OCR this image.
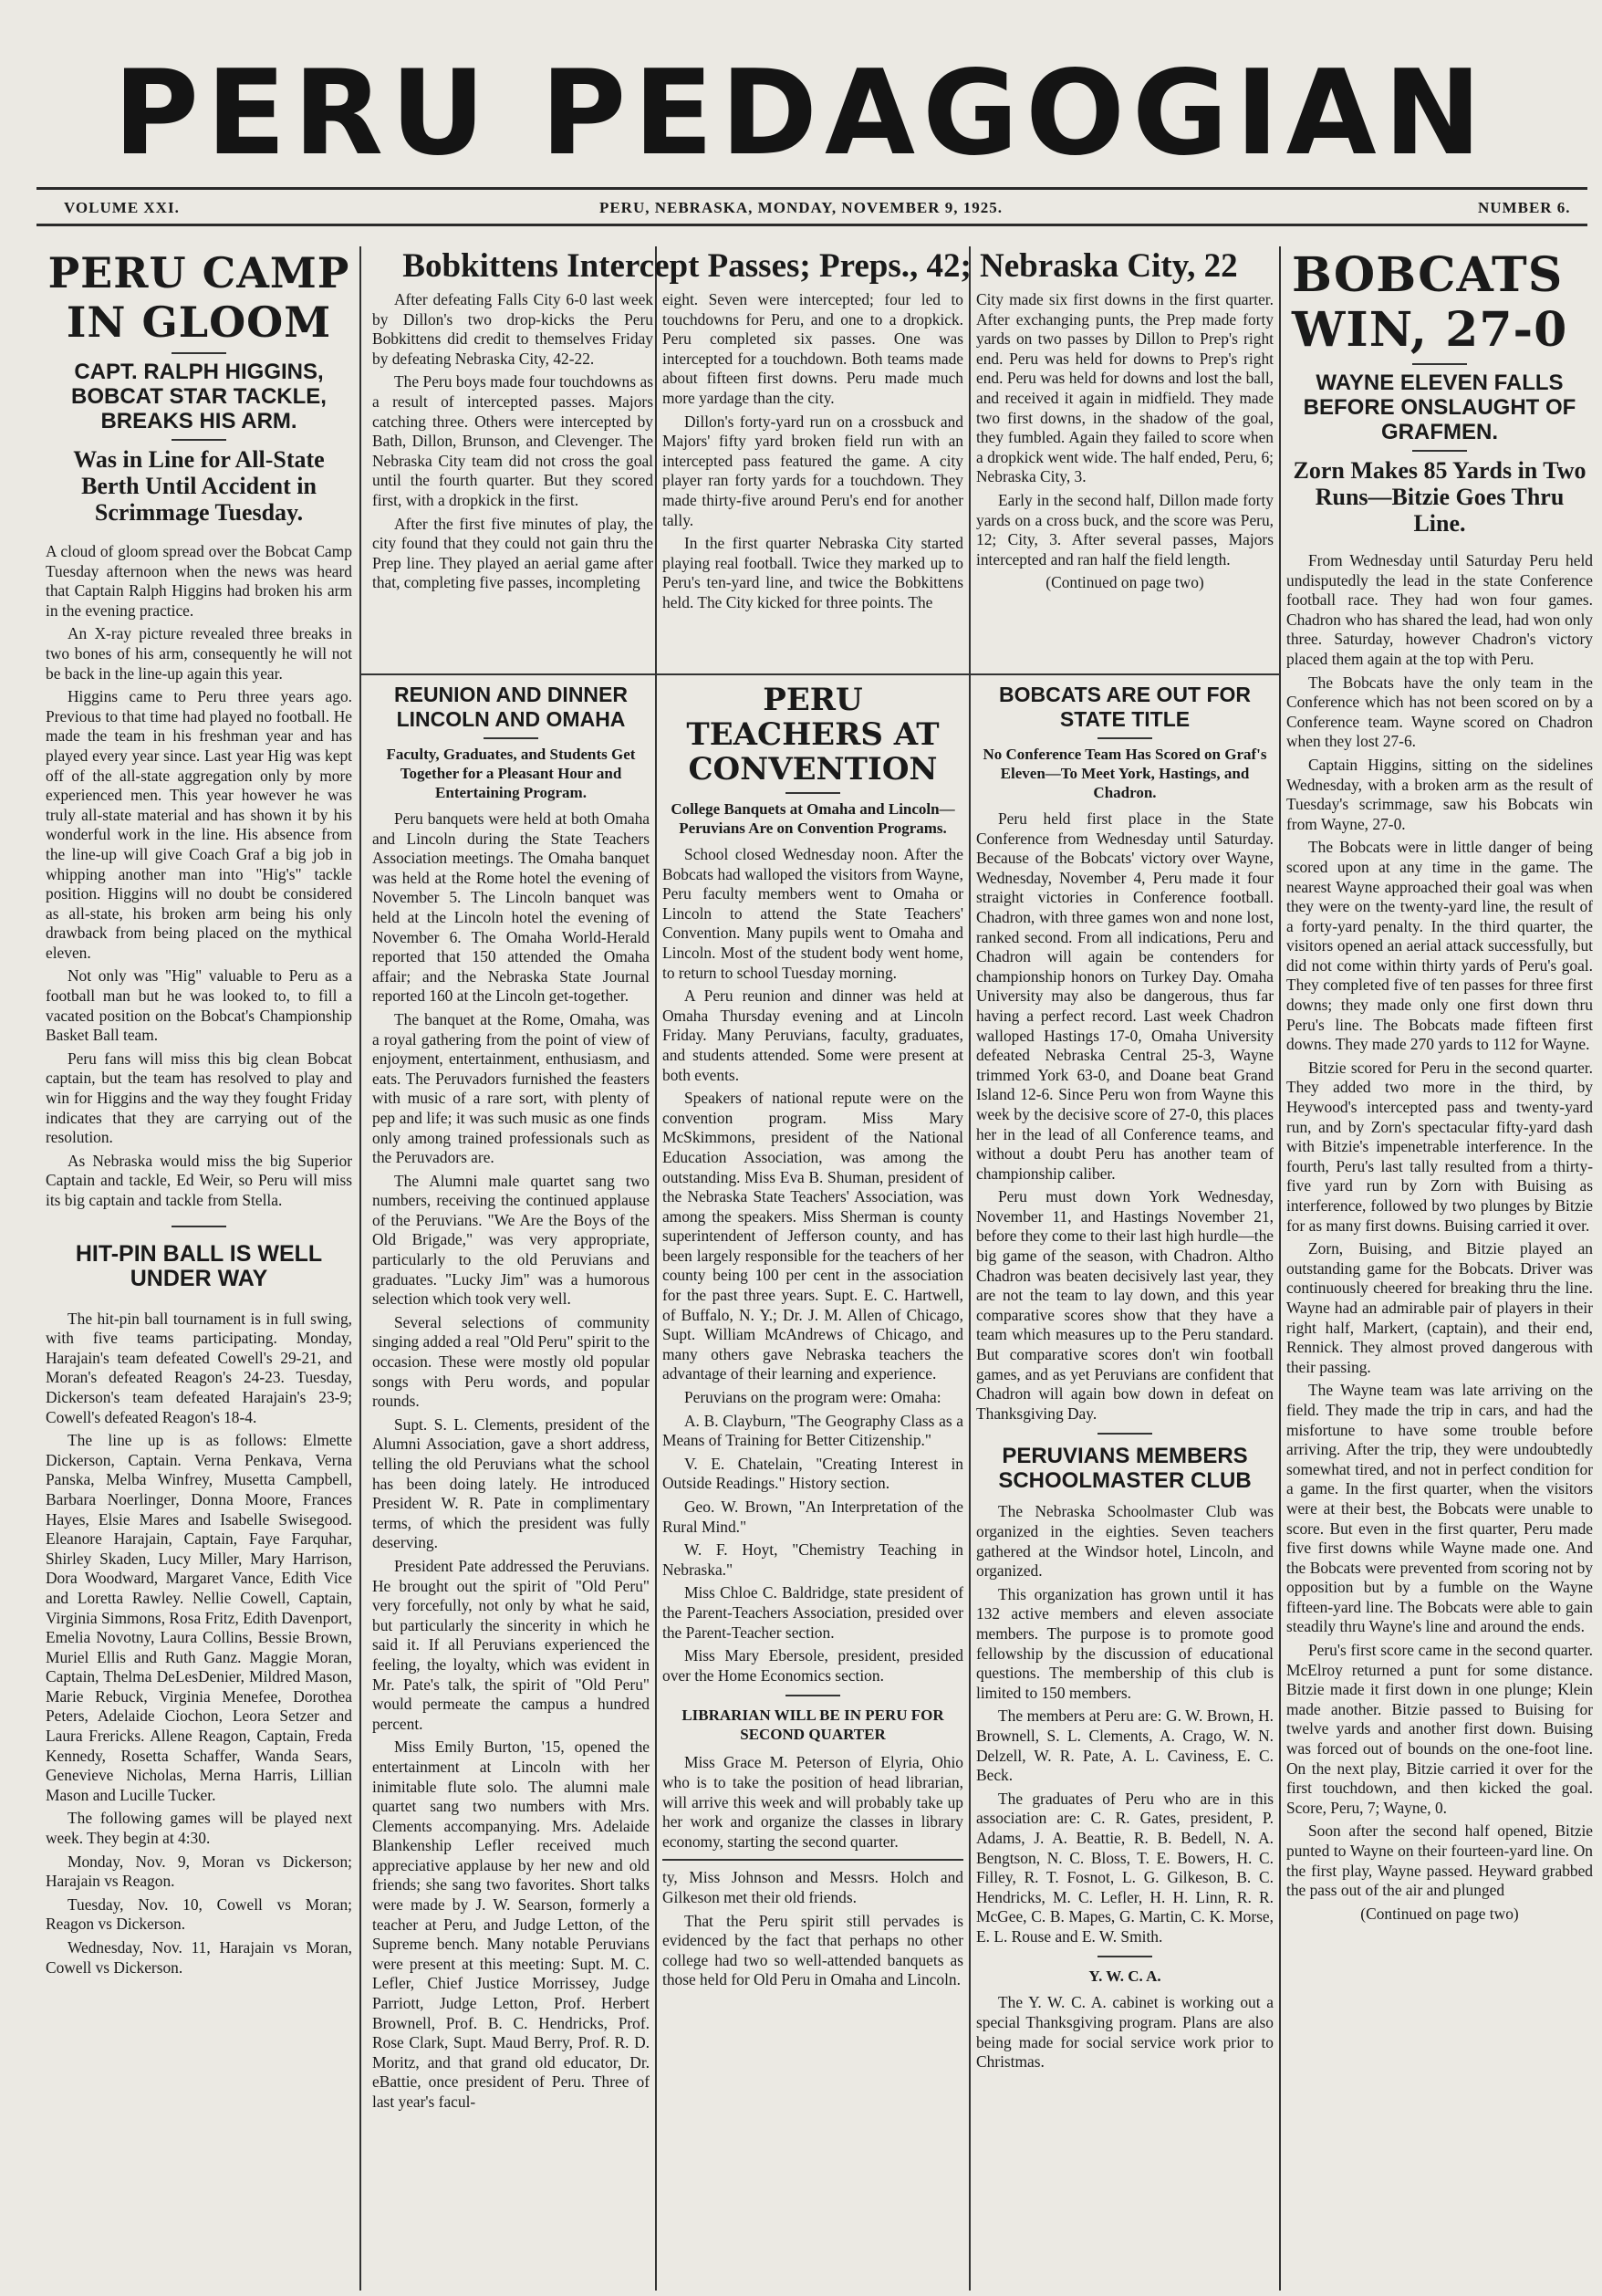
PERU PEDAGOGIAN
VOLUME XXI.	PERU, NEBRASKA, MONDAY, NOVEMBER 9, 1925.	NUMBER 6.
PERU CAMP IN GLOOM
CAPT. RALPH HIGGINS, BOBCAT STAR TACKLE, BREAKS HIS ARM.
Was in Line for All-State Berth Until Accident in Scrimmage Tuesday.

A cloud of gloom spread over the Bobcat Camp Tuesday afternoon when the news was heard that Captain Ralph Higgins had broken his arm in the evening practice.

An X-ray picture revealed three breaks in two bones of his arm, consequently he will not be back in the line-up again this year.

Higgins came to Peru three years ago. Previous to that time had played no football. He made the team in his freshman year and has played every year since. Last year Hig was kept off of the all-state aggregation only by more experienced men. This year however he was truly all-state material and has shown it by his wonderful work in the line. His absence from the line-up will give Coach Graf a big job in whipping another man into "Hig's" tackle position. Higgins will no doubt be considered as all-state, his broken arm being his only drawback from being placed on the mythical eleven.

Not only was "Hig" valuable to Peru as a football man but he was looked to, to fill a vacated position on the Bobcat's Championship Basket Ball team.

Peru fans will miss this big clean Bobcat captain, but the team has resolved to play and win for Higgins and the way they fought Friday indicates that they are carrying out of the resolution.

As Nebraska would miss the big Superior Captain and tackle, Ed Weir, so Peru will miss its big captain and tackle from Stella.

HIT-PIN BALL IS WELL UNDER WAY

The hit-pin ball tournament is in full swing, with five teams participating. Monday, Harajain's team defeated Cowell's 29-21, and Moran's defeated Reagon's 24-23. Tuesday, Dickerson's team defeated Harajain's 23-9; Cowell's defeated Reagon's 18-4.

The line up is as follows: Elmette Dickerson, Captain. Verna Penkava, Verna Panska, Melba Winfrey, Musetta Campbell, Barbara Noerlinger, Donna Moore, Frances Hayes, Elsie Mares and Isabelle Swisegood. Eleanore Harajain, Captain, Faye Farquhar, Shirley Skaden, Lucy Miller, Mary Harrison, Dora Woodward, Margaret Vance, Edith Vice and Loretta Rawley. Nellie Cowell, Captain, Virginia Simmons, Rosa Fritz, Edith Davenport, Emelia Novotny, Laura Collins, Bessie Brown, Muriel Ellis and Ruth Ganz. Maggie Moran, Captain, Thelma DeLesDenier, Mildred Mason, Marie Rebuck, Virginia Menefee, Dorothea Peters, Adelaide Ciochon, Leora Setzer and Laura Frericks. Allene Reagon, Captain, Freda Kennedy, Rosetta Schaffer, Wanda Sears, Genevieve Nicholas, Merna Harris, Lillian Mason and Lucille Tucker.

The following games will be played next week. They begin at 4:30.

Monday, Nov. 9, Moran vs Dickerson; Harajain vs Reagon.

Tuesday, Nov. 10, Cowell vs Moran; Reagon vs Dickerson.

Wednesday, Nov. 11, Harajain vs Moran, Cowell vs Dickerson.

Bobkittens Intercept Passes; Preps., 42; Nebraska City, 22

After defeating Falls City 6-0 last week by Dillon's two drop-kicks the Peru Bobkittens did credit to themselves Friday by defeating Nebraska City, 42-22.

The Peru boys made four touchdowns as a result of intercepted passes. Majors catching three. Others were intercepted by Bath, Dillon, Brunson, and Clevenger. The Nebraska City team did not cross the goal until the fourth quarter. But they scored first, with a dropkick in the first.

After the first five minutes of play, the city found that they could not gain thru the Prep line. They played an aerial game after that, completing five passes, incompleting

eight. Seven were intercepted; four led to touchdowns for Peru, and one to a dropkick. Peru completed six passes. One was intercepted for a touchdown. Both teams made about fifteen first downs. Peru made much more yardage than the city.

Dillon's forty-yard run on a crossbuck and Majors' fifty yard broken field run with an intercepted pass featured the game. A city player ran forty yards for a touchdown. They made thirty-five around Peru's end for another tally.

In the first quarter Nebraska City started playing real football. Twice they marked up to Peru's ten-yard line, and twice the Bobkittens held. The City kicked for three points. The

City made six first downs in the first quarter. After exchanging punts, the Prep made forty yards on two passes by Dillon to Prep's right end. Peru was held for downs to Prep's right end. Peru was held for downs and lost the ball, and received it again in midfield. They made two first downs, in the shadow of the goal, they fumbled. Again they failed to score when a dropkick went wide. The half ended, Peru, 6; Nebraska City, 3.

Early in the second half, Dillon made forty yards on a cross buck, and the score was Peru, 12; City, 3. After several passes, Majors intercepted and ran half the field length.

(Continued on page two)
REUNION AND DINNER LINCOLN AND OMAHA
Faculty, Graduates, and Students Get Together for a Pleasant Hour and Entertaining Program.

Peru banquets were held at both Omaha and Lincoln during the State Teachers Association meetings. The Omaha banquet was held at the Rome hotel the evening of November 5. The Lincoln banquet was held at the Lincoln hotel the evening of November 6. The Omaha World-Herald reported that 150 attended the Omaha affair; and the Nebraska State Journal reported 160 at the Lincoln get-together.

The banquet at the Rome, Omaha, was a royal gathering from the point of view of enjoyment, entertainment, enthusiasm, and eats. The Peruvadors furnished the feasters with music of a rare sort, with plenty of pep and life; it was such music as one finds only among trained professionals such as the Peruvadors are.

The Alumni male quartet sang two numbers, receiving the continued applause of the Peruvians. "We Are the Boys of the Old Brigade," was very appropriate, particularly to the old Peruvians and graduates. "Lucky Jim" was a humorous selection which took very well.

Several selections of community singing added a real "Old Peru" spirit to the occasion. These were mostly old popular songs with Peru words, and popular rounds.

Supt. S. L. Clements, president of the Alumni Association, gave a short address, telling the old Peruvians what the school has been doing lately. He introduced President W. R. Pate in complimentary terms, of which the president was fully deserving.

President Pate addressed the Peruvians. He brought out the spirit of "Old Peru" very forcefully, not only by what he said, but particularly the sincerity in which he said it. If all Peruvians experienced the feeling, the loyalty, which was evident in Mr. Pate's talk, the spirit of "Old Peru" would permeate the campus a hundred percent.

Miss Emily Burton, '15, opened the entertainment at Lincoln with her inimitable flute solo. The alumni male quartet sang two numbers with Mrs. Clements accompanying. Mrs. Adelaide Blankenship Lefler received much appreciative applause by her new and old friends; she sang two favorites. Short talks were made by J. W. Searson, formerly a teacher at Peru, and Judge Letton, of the Supreme bench. Many notable Peruvians were present at this meeting: Supt. M. C. Lefler, Chief Justice Morrissey, Judge Parriott, Judge Letton, Prof. Herbert Brownell, Prof. B. C. Hendricks, Prof. Rose Clark, Supt. Maud Berry, Prof. R. D. Moritz, and that grand old educator, Dr. eBattie, once president of Peru. Three of last year's facul-

PERU TEACHERS AT CONVENTION
College Banquets at Omaha and Lincoln—Peruvians Are on Convention Programs.

School closed Wednesday noon. After the Bobcats had walloped the visitors from Wayne, Peru faculty members went to Omaha or Lincoln to attend the State Teachers' Convention. Many pupils went to Omaha and Lincoln. Most of the student body went home, to return to school Tuesday morning.

A Peru reunion and dinner was held at Omaha Thursday evening and at Lincoln Friday. Many Peruvians, faculty, graduates, and students attended. Some were present at both events.

Speakers of national repute were on the convention program. Miss Mary McSkimmons, president of the National Education Association, was among the outstanding. Miss Eva B. Shuman, president of the Nebraska State Teachers' Association, was among the speakers. Miss Sherman is county superintendent of Jefferson county, and has been largely responsible for the teachers of her county being 100 per cent in the association for the past three years. Supt. E. C. Hartwell, of Buffalo, N. Y.; Dr. J. M. Allen of Chicago, Supt. William McAndrews of Chicago, and many others gave Nebraska teachers the advantage of their learning and experience.

Peruvians on the program were: Omaha:

A. B. Clayburn, "The Geography Class as a Means of Training for Better Citizenship."

V. E. Chatelain, "Creating Interest in Outside Readings." History section.

Geo. W. Brown, "An Interpretation of the Rural Mind."

W. F. Hoyt, "Chemistry Teaching in Nebraska."

Miss Chloe C. Baldridge, state president of the Parent-Teachers Association, presided over the Parent-Teacher section.

Miss Mary Ebersole, president, presided over the Home Economics section.

LIBRARIAN WILL BE IN PERU FOR SECOND QUARTER

Miss Grace M. Peterson of Elyria, Ohio who is to take the position of head librarian, will arrive this week and will probably take up her work and organize the classes in library economy, starting the second quarter.

ty, Miss Johnson and Messrs. Holch and Gilkeson met their old friends.

That the Peru spirit still pervades is evidenced by the fact that perhaps no other college had two so well-attended banquets as those held for Old Peru in Omaha and Lincoln.

BOBCATS ARE OUT FOR STATE TITLE
No Conference Team Has Scored on Graf's Eleven—To Meet York, Hastings, and Chadron.

Peru held first place in the State Conference from Wednesday until Saturday. Because of the Bobcats' victory over Wayne, Wednesday, November 4, Peru made it four straight victories in Conference football. Chadron, with three games won and none lost, ranked second. From all indications, Peru and Chadron will again be contenders for championship honors on Turkey Day. Omaha University may also be dangerous, thus far having a perfect record. Last week Chadron walloped Hastings 17-0, Omaha University defeated Nebraska Central 25-3, Wayne trimmed York 63-0, and Doane beat Grand Island 12-6. Since Peru won from Wayne this week by the decisive score of 27-0, this places her in the lead of all Conference teams, and without a doubt Peru has another team of championship caliber.

Peru must down York Wednesday, November 11, and Hastings November 21, before they come to their last high hurdle—the big game of the season, with Chadron. Altho Chadron was beaten decisively last year, they are not the team to lay down, and this year comparative scores show that they have a team which measures up to the Peru standard. But comparative scores don't win football games, and as yet Peruvians are confident that Chadron will again bow down in defeat on Thanksgiving Day.

PERUVIANS MEMBERS SCHOOLMASTER CLUB

The Nebraska Schoolmaster Club was organized in the eighties. Seven teachers gathered at the Windsor hotel, Lincoln, and organized.

This organization has grown until it has 132 active members and eleven associate members. The purpose is to promote good fellowship by the discussion of educational questions. The membership of this club is limited to 150 members.

The members at Peru are: G. W. Brown, H. Brownell, S. L. Clements, A. Crago, W. N. Delzell, W. R. Pate, A. L. Caviness, E. C. Beck.

The graduates of Peru who are in this association are: C. R. Gates, president, P. Adams, J. A. Beattie, R. B. Bedell, N. A. Bengtson, N. C. Bloss, T. E. Bowers, H. C. Filley, R. T. Fosnot, L. G. Gilkeson, B. C. Hendricks, M. C. Lefler, H. H. Linn, R. R. McGee, C. B. Mapes, G. Martin, C. K. Morse, E. L. Rouse and E. W. Smith.

Y. W. C. A.

The Y. W. C. A. cabinet is working out a special Thanksgiving program. Plans are also being made for social service work prior to Christmas.

BOBCATS WIN, 27-0
WAYNE ELEVEN FALLS BEFORE ONSLAUGHT OF GRAFMEN.
Zorn Makes 85 Yards in Two Runs—Bitzie Goes Thru Line.

From Wednesday until Saturday Peru held undisputedly the lead in the state Conference football race. They had won four games. Chadron who has shared the lead, had won only three. Saturday, however Chadron's victory placed them again at the top with Peru.

The Bobcats have the only team in the Conference which has not been scored on by a Conference team. Wayne scored on Chadron when they lost 27-6.

Captain Higgins, sitting on the sidelines Wednesday, with a broken arm as the result of Tuesday's scrimmage, saw his Bobcats win from Wayne, 27-0.

The Bobcats were in little danger of being scored upon at any time in the game. The nearest Wayne approached their goal was when they were on the twenty-yard line, the result of a forty-yard penalty. In the third quarter, the visitors opened an aerial attack successfully, but did not come within thirty yards of Peru's goal. They completed five of ten passes for three first downs; they made only one first down thru Peru's line. The Bobcats made fifteen first downs. They made 270 yards to 112 for Wayne.

Bitzie scored for Peru in the second quarter. They added two more in the third, by Heywood's intercepted pass and twenty-yard run, and by Zorn's spectacular fifty-yard dash with Bitzie's impenetrable interference. In the fourth, Peru's last tally resulted from a thirty-five yard run by Zorn with Buising as interference, followed by two plunges by Bitzie for as many first downs. Buising carried it over.

Zorn, Buising, and Bitzie played an outstanding game for the Bobcats. Driver was continuously cheered for breaking thru the line. Wayne had an admirable pair of players in their right half, Markert, (captain), and their end, Rennick. They almost proved dangerous with their passing.

The Wayne team was late arriving on the field. They made the trip in cars, and had the misfortune to have some trouble before arriving. After the trip, they were undoubtedly somewhat tired, and not in perfect condition for a game. In the first quarter, when the visitors were at their best, the Bobcats were unable to score. But even in the first quarter, Peru made five first downs while Wayne made one. And the Bobcats were prevented from scoring not by opposition but by a fumble on the Wayne fifteen-yard line. The Bobcats were able to gain steadily thru Wayne's line and around the ends.

Peru's first score came in the second quarter. McElroy returned a punt for some distance. Bitzie made it first down in one plunge; Klein made another. Bitzie passed to Buising for twelve yards and another first down. Buising was forced out of bounds on the one-foot line. On the next play, Bitzie carried it over for the first touchdown, and then kicked the goal. Score, Peru, 7; Wayne, 0.

Soon after the second half opened, Bitzie punted to Wayne on their fourteen-yard line. On the first play, Wayne passed. Heyward grabbed the pass out of the air and plunged

(Continued on page two)
